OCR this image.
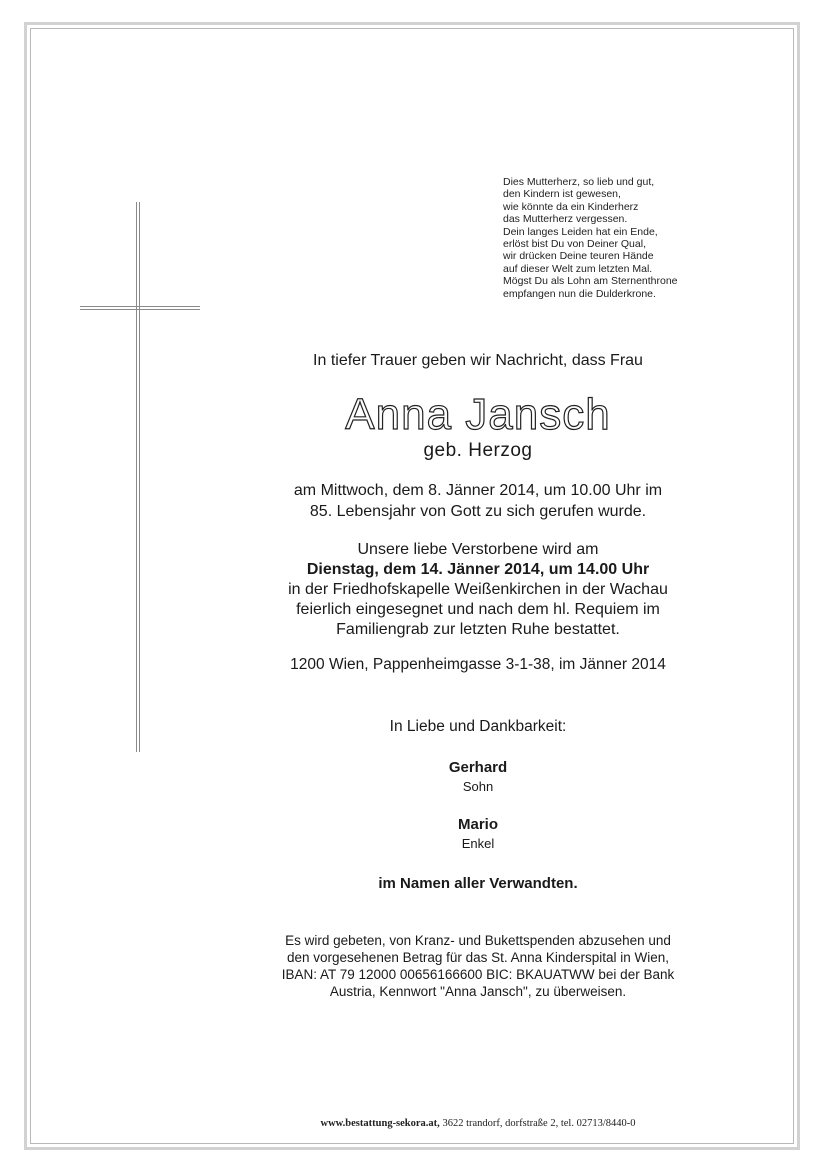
Dies Mutterherz, so lieb und gut,
den Kindern ist gewesen,
wie könnte da ein Kinderherz
das Mutterherz vergessen.
Dein langes Leiden hat ein Ende,
erlöst bist Du von Deiner Qual,
wir drücken Deine teuren Hände
auf dieser Welt zum letzten Mal.
Mögst Du als Lohn am Sternenthrone
empfangen nun die Dulderkrone.
In tiefer Trauer geben wir Nachricht, dass Frau
Anna Jansch
geb. Herzog
am Mittwoch, dem 8. Jänner 2014, um 10.00 Uhr im
85. Lebensjahr von Gott zu sich gerufen wurde.
Unsere liebe Verstorbene wird am
Dienstag, dem 14. Jänner 2014, um 14.00 Uhr
in der Friedhofskapelle Weißenkirchen in der Wachau
feierlich eingesegnet und nach dem hl. Requiem im
Familiengrab zur letzten Ruhe bestattet.
1200 Wien, Pappenheimgasse 3-1-38, im Jänner 2014
In Liebe und Dankbarkeit:
Gerhard
Sohn
Mario
Enkel
im Namen aller Verwandten.
Es wird gebeten, von Kranz- und Bukettspenden abzusehen und
den vorgesehenen Betrag für das St. Anna Kinderspital in Wien,
IBAN: AT 79 12000 00656166600 BIC: BKAUATWW bei der Bank
Austria, Kennwort "Anna Jansch", zu überweisen.
www.bestattung-sekora.at, 3622 trandorf, dorfstraße 2, tel. 02713/8440-0
